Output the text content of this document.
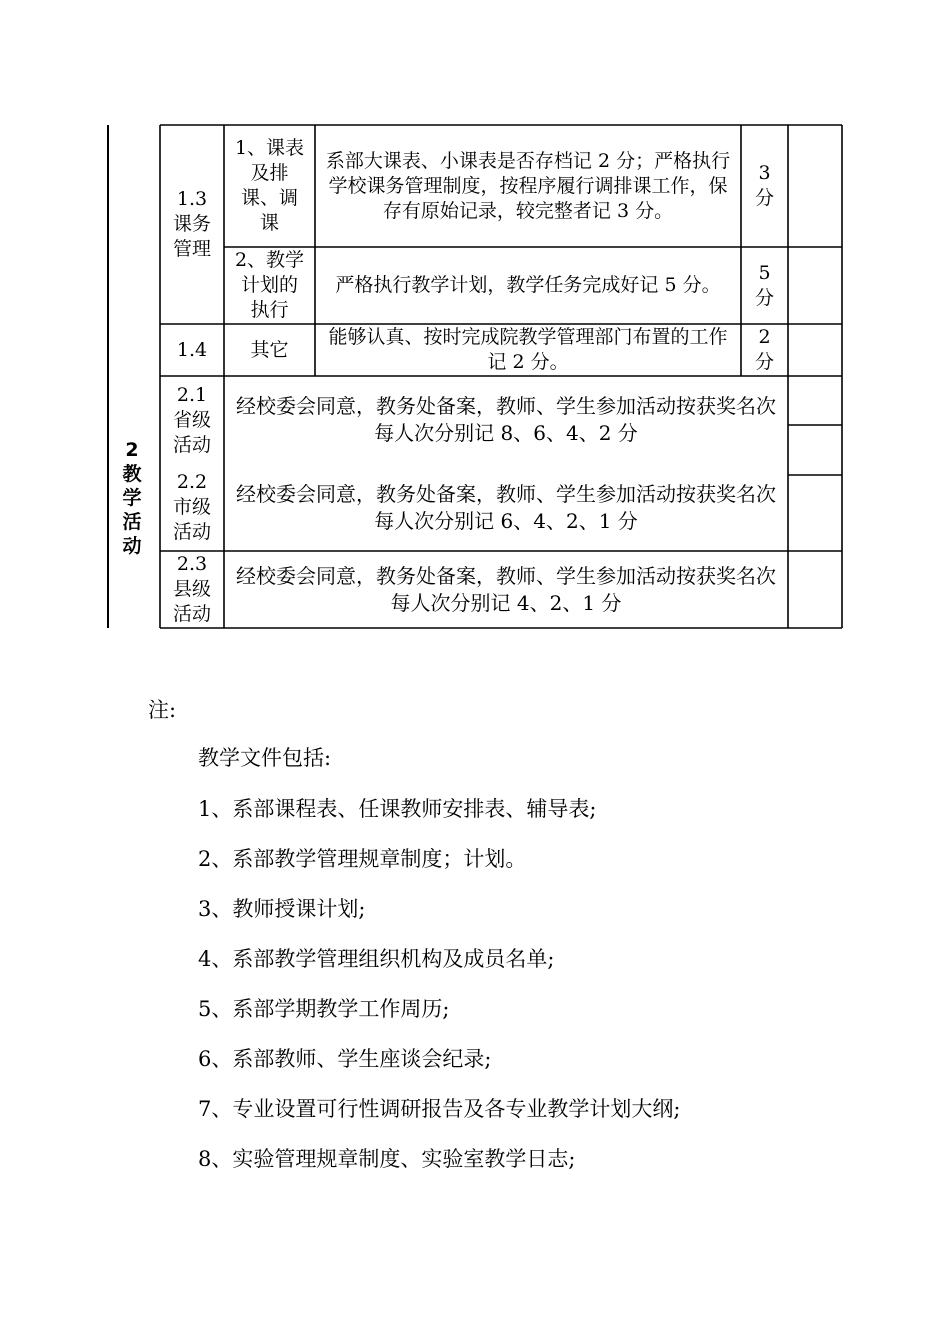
2
教
学
活
动
1.3
课务
管理
1、课表
及排
课、调
课
系部大课表、小课表是否存档记 2 分；严格执行学校课务管理制度，按程序履行调排课工作，保存有原始记录，较完整者记 3 分。
3
分
2、教学
计划的
执行
严格执行教学计划，教学任务完成好记 5 分。
5
分
1.4	其它
能够认真、按时完成院教学管理部门布置的工作记 2 分。
2
分
2.1
省级
活动
经校委会同意，教务处备案，教师、学生参加活动按获奖名次每人次分别记 8、6、4、2 分
2.2
市级
活动
经校委会同意，教务处备案，教师、学生参加活动按获奖名次每人次分别记 6、4、2、1 分
2.3
县级
活动
经校委会同意，教务处备案，教师、学生参加活动按获奖名次每人次分别记 4、2、1 分
注:
教学文件包括:
1、系部课程表、任课教师安排表、辅导表;
2、系部教学管理规章制度；计划。
3、教师授课计划;
4、系部教学管理组织机构及成员名单;
5、系部学期教学工作周历;
6、系部教师、学生座谈会纪录;
7、专业设置可行性调研报告及各专业教学计划大纲;
8、实验管理规章制度、实验室教学日志;
